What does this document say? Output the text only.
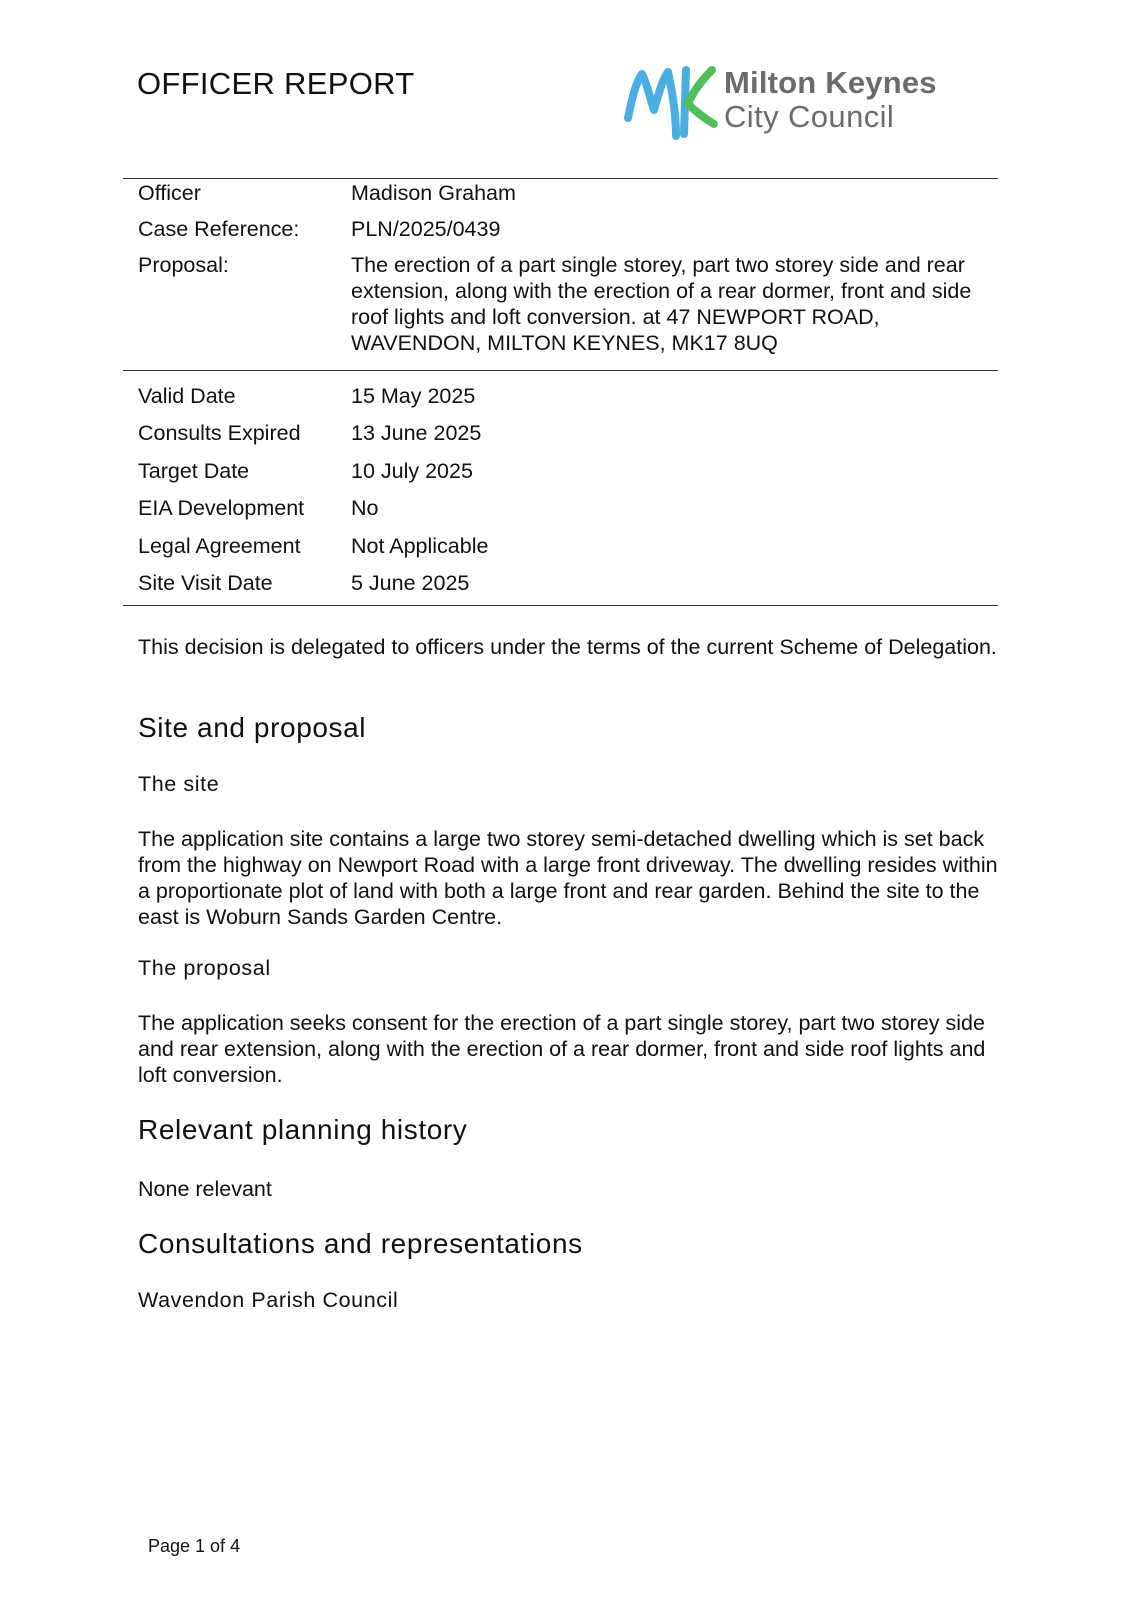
OFFICER REPORT	Milton Keynes
City Council
Officer	Madison Graham
Case Reference:	PLN/2025/0439
Proposal:	The erection of a part single storey, part two storey side and rear extension, along with the erection of a rear dormer, front and side roof lights and loft conversion. at 47 NEWPORT ROAD, WAVENDON, MILTON KEYNES, MK17 8UQ
Valid Date	15 May 2025
Consults Expired	13 June 2025
Target Date	10 July 2025
EIA Development	No
Legal Agreement	Not Applicable
Site Visit Date	5 June 2025

This decision is delegated to officers under the terms of the current Scheme of Delegation.

Site and proposal
The site

The application site contains a large two storey semi-detached dwelling which is set back from the highway on Newport Road with a large front driveway. The dwelling resides within a proportionate plot of land with both a large front and rear garden. Behind the site to the east is Woburn Sands Garden Centre.

The proposal

The application seeks consent for the erection of a part single storey, part two storey side and rear extension, along with the erection of a rear dormer, front and side roof lights and loft conversion.

Relevant planning history

None relevant

Consultations and representations
Wavendon Parish Council
Page 1 of 4
